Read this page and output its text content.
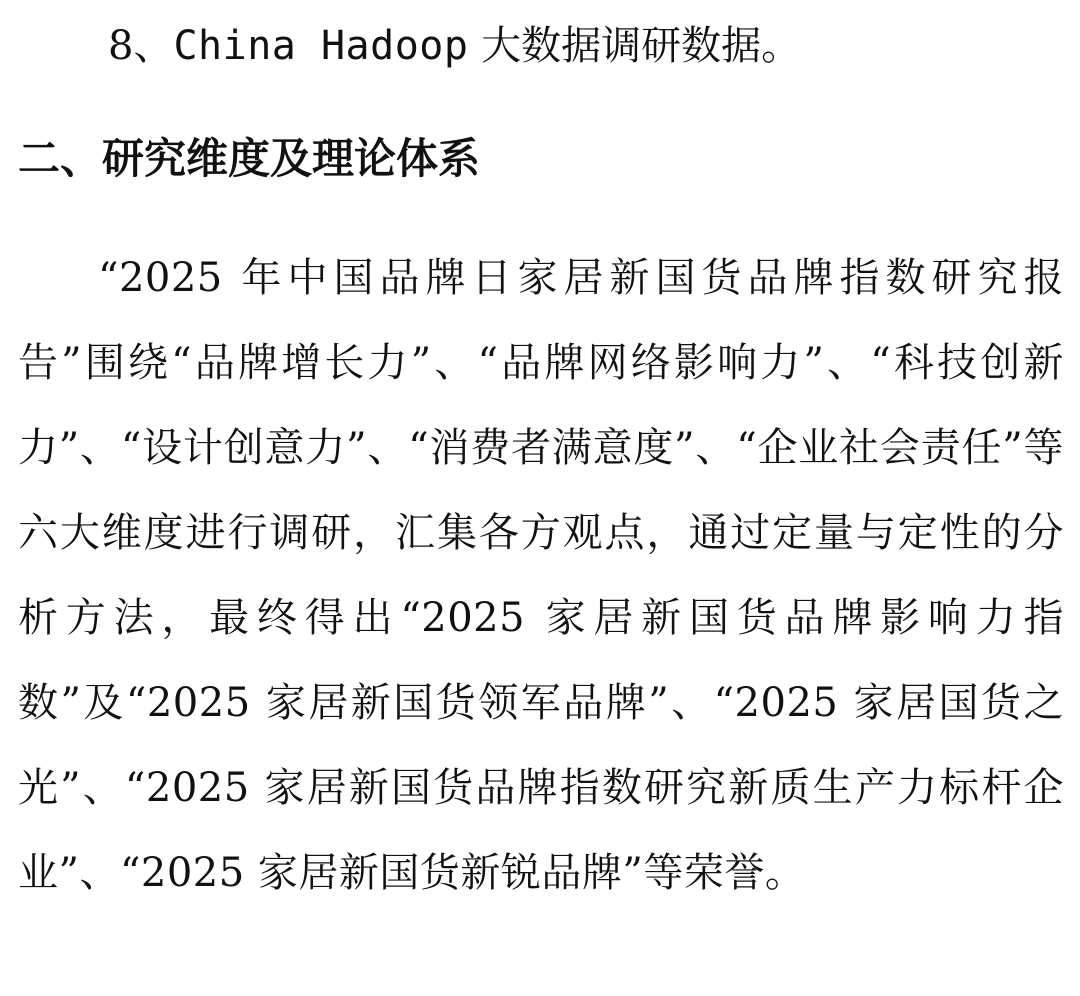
8、China Hadoop 大数据调研数据。
二、研究维度及理论体系

“2025 年中国品牌日家居新国货品牌指数研究报告”围绕“品牌增长力”、“品牌网络影响力”、“科技创新力”、“设计创意力”、“消费者满意度”、“企业社会责任”等六大维度进行调研，汇集各方观点，通过定量与定性的分析方法，最终得出“2025 家居新国货品牌影响力指数”及“2025 家居新国货领军品牌”、“2025 家居国货之光”、“2025 家居新国货品牌指数研究新质生产力标杆企业”、“2025 家居新国货新锐品牌”等荣誉。
